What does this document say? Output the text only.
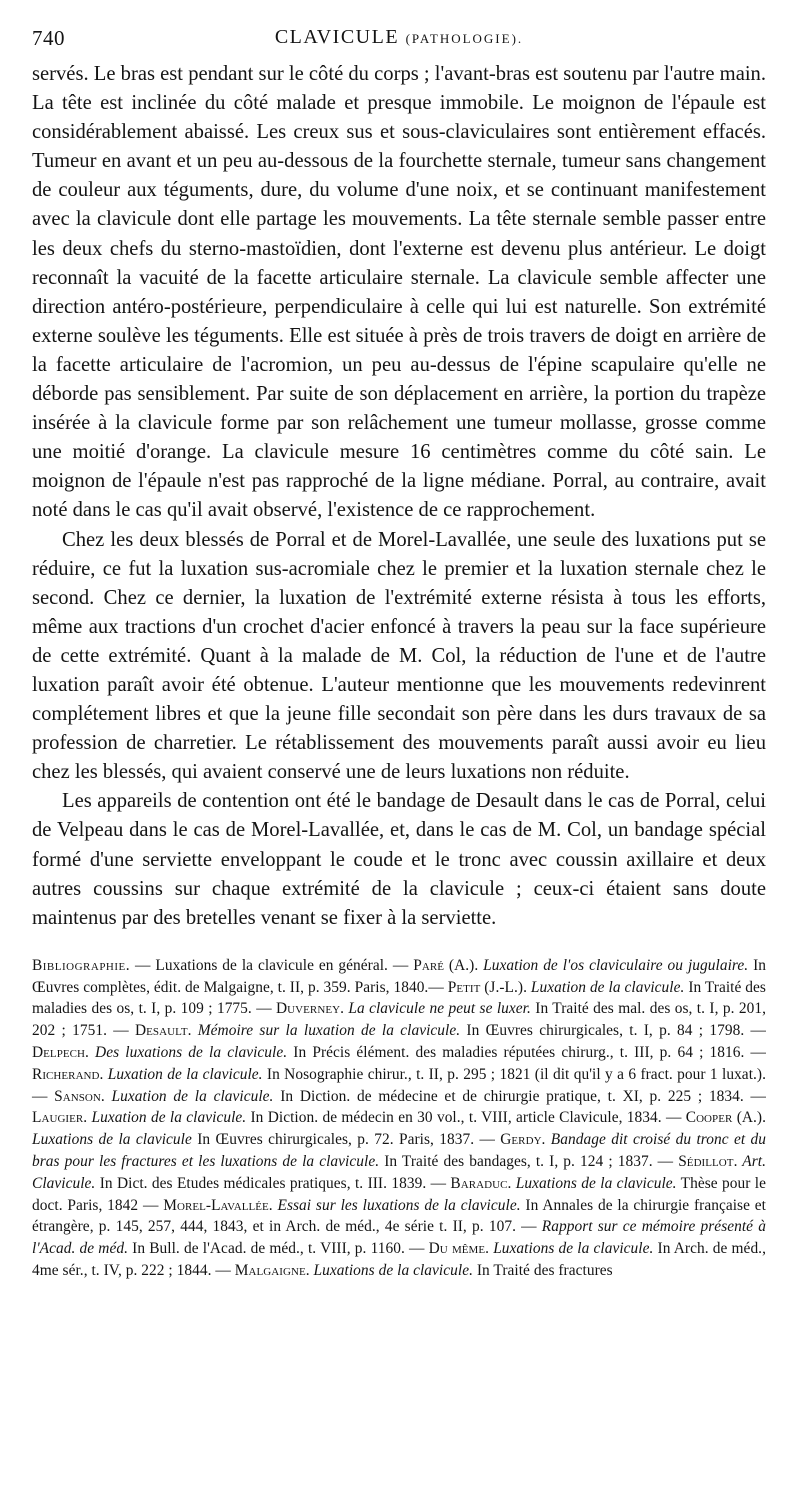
740	CLAVICULE (PATHOLOGIE).

servés. Le bras est pendant sur le côté du corps ; l'avant-bras est soutenu par l'autre main. La tête est inclinée du côté malade et presque immobile. Le moignon de l'épaule est considérablement abaissé. Les creux sus et sous-claviculaires sont entièrement effacés. Tumeur en avant et un peu au-dessous de la fourchette sternale, tumeur sans changement de couleur aux téguments, dure, du volume d'une noix, et se continuant manifestement avec la clavicule dont elle partage les mouvements. La tête sternale semble passer entre les deux chefs du sterno-mastoïdien, dont l'externe est devenu plus antérieur. Le doigt reconnaît la vacuité de la facette articulaire sternale. La clavicule semble affecter une direction antéro-postérieure, perpendiculaire à celle qui lui est naturelle. Son extrémité externe soulève les téguments. Elle est située à près de trois travers de doigt en arrière de la facette articulaire de l'acromion, un peu au-dessus de l'épine scapulaire qu'elle ne déborde pas sensiblement. Par suite de son déplacement en arrière, la portion du trapèze insérée à la clavicule forme par son relâchement une tumeur mollasse, grosse comme une moitié d'orange. La clavicule mesure 16 centimètres comme du côté sain. Le moignon de l'épaule n'est pas rapproché de la ligne médiane. Porral, au contraire, avait noté dans le cas qu'il avait observé, l'existence de ce rapprochement.

Chez les deux blessés de Porral et de Morel-Lavallée, une seule des luxations put se réduire, ce fut la luxation sus-acromiale chez le premier et la luxation sternale chez le second. Chez ce dernier, la luxation de l'extrémité externe résista à tous les efforts, même aux tractions d'un crochet d'acier enfoncé à travers la peau sur la face supérieure de cette extrémité. Quant à la malade de M. Col, la réduction de l'une et de l'autre luxation paraît avoir été obtenue. L'auteur mentionne que les mouvements redevinrent complétement libres et que la jeune fille secondait son père dans les durs travaux de sa profession de charretier. Le rétablissement des mouvements paraît aussi avoir eu lieu chez les blessés, qui avaient conservé une de leurs luxations non réduite.

Les appareils de contention ont été le bandage de Desault dans le cas de Porral, celui de Velpeau dans le cas de Morel-Lavallée, et, dans le cas de M. Col, un bandage spécial formé d'une serviette enveloppant le coude et le tronc avec coussin axillaire et deux autres coussins sur chaque extrémité de la clavicule ; ceux-ci étaient sans doute maintenus par des bretelles venant se fixer à la serviette.

Bibliographie. — Luxations de la clavicule en général. — Paré (A.). Luxation de l'os claviculaire ou jugulaire. In Œuvres complètes, édit. de Malgaigne, t. II, p. 359. Paris, 1840.— Petit (J.-L.). Luxation de la clavicule. In Traité des maladies des os, t. I, p. 109 ; 1775. — Duverney. La clavicule ne peut se luxer. In Traité des mal. des os, t. I, p. 201, 202 ; 1751. — Desault. Mémoire sur la luxation de la clavicule. In Œuvres chirurgicales, t. I, p. 84 ; 1798. — Delpech. Des luxations de la clavicule. In Précis élément. des maladies réputées chirurg., t. III, p. 64 ; 1816. — Richerand. Luxation de la clavicule. In Nosographie chirur., t. II, p. 295 ; 1821 (il dit qu'il y a 6 fract. pour 1 luxat.). — Sanson. Luxation de la clavicule. In Diction. de médecine et de chirurgie pratique, t. XI, p. 225 ; 1834. — Laugier. Luxation de la clavicule. In Diction. de médecin en 30 vol., t. VIII, article Clavicule, 1834. — Cooper (A.). Luxations de la clavicule In Œuvres chirurgicales, p. 72. Paris, 1837. — Gerdy. Bandage dit croisé du tronc et du bras pour les fractures et les luxations de la clavicule. In Traité des bandages, t. I, p. 124 ; 1837. — Sédillot. Art. Clavicule. In Dict. des Etudes médicales pratiques, t. III. 1839. — Baraduc. Luxations de la clavicule. Thèse pour le doct. Paris, 1842 — Morel-Lavallée. Essai sur les luxations de la clavicule. In Annales de la chirurgie française et étrangère, p. 145, 257, 444, 1843, et in Arch. de méd., 4e série t. II, p. 107. — Rapport sur ce mémoire présenté à l'Acad. de méd. In Bull. de l'Acad. de méd., t. VIII, p. 1160. — Du même. Luxations de la clavicule. In Arch. de méd., 4me sér., t. IV, p. 222 ; 1844. — Malgaigne. Luxations de la clavicule. In Traité des fractures
